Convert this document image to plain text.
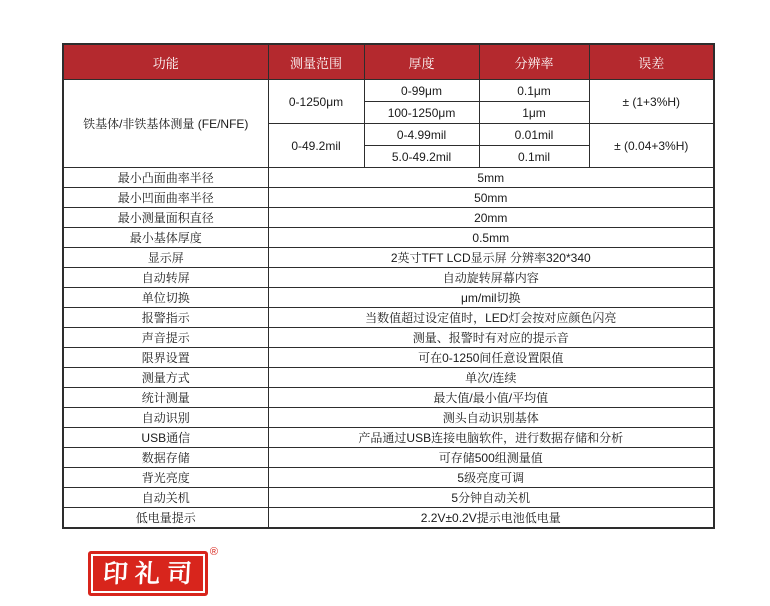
功能	测量范围	厚度	分辨率	误差
铁基体/非铁基体测量 (FE/NFE)	0-1250μm	0-99μm	0.1μm	± (1+3%H)
		100-1250μm	1μm	
	0-49.2mil	0-4.99mil	0.01mil	± (0.04+3%H)
		5.0-49.2mil	0.1mil	
最小凸面曲率半径	5mm			
最小凹面曲率半径	50mm			
最小测量面积直径	20mm			
最小基体厚度	0.5mm			
显示屏	2英寸TFT LCD显示屏 分辨率320*340			
自动转屏	自动旋转屏幕内容			
单位切换	μm/mil切换			
报警指示	当数值超过设定值时，LED灯会按对应颜色闪亮			
声音提示	测量、报警时有对应的提示音			
限界设置	可在0-1250间任意设置限值			
测量方式	单次/连续			
统计测量	最大值/最小值/平均值			
自动识别	测头自动识别基体			
USB通信	产品通过USB连接电脑软件，进行数据存储和分析			
数据存储	可存储500组测量值			
背光亮度	5级亮度可调			
自动关机	5分钟自动关机			
低电量提示	2.2V±0.2V提示电池低电量			
印礼司
®
